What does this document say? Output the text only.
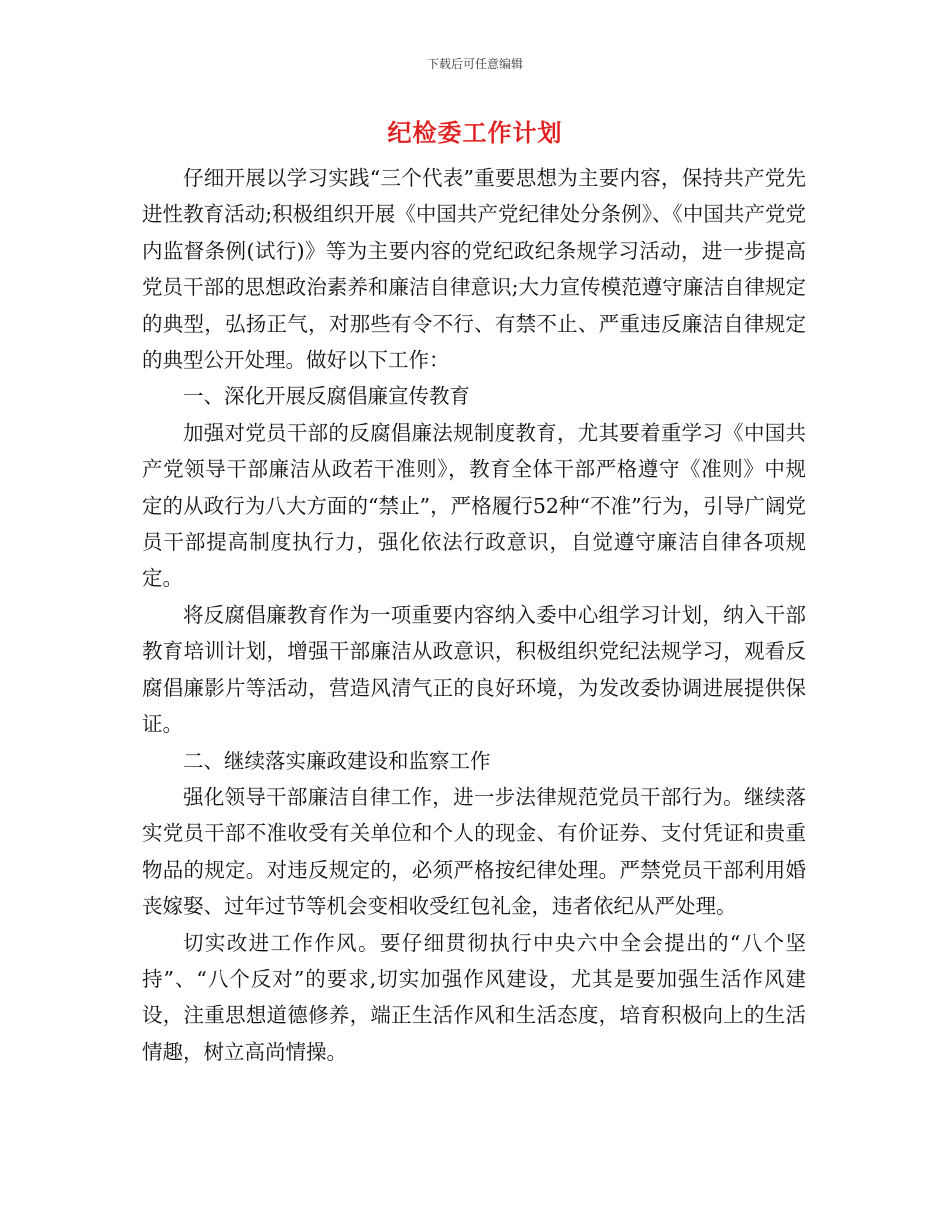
下载后可任意编辑
纪检委工作计划

仔细开展以学习实践“三个代表”重要思想为主要内容，保持共产党先进性教育活动;积极组织开展《中国共产党纪律处分条例》、《中国共产党党内监督条例(试行)》等为主要内容的党纪政纪条规学习活动，进一步提高党员干部的思想政治素养和廉洁自律意识;大力宣传模范遵守廉洁自律规定的典型，弘扬正气，对那些有令不行、有禁不止、严重违反廉洁自律规定的典型公开处理。做好以下工作：

一、深化开展反腐倡廉宣传教育

加强对党员干部的反腐倡廉法规制度教育，尤其要着重学习《中国共产党领导干部廉洁从政若干准则》，教育全体干部严格遵守《准则》中规定的从政行为八大方面的“禁止”，严格履行52种“不准”行为，引导广阔党员干部提高制度执行力，强化依法行政意识，自觉遵守廉洁自律各项规定。

将反腐倡廉教育作为一项重要内容纳入委中心组学习计划，纳入干部教育培训计划，增强干部廉洁从政意识，积极组织党纪法规学习，观看反腐倡廉影片等活动，营造风清气正的良好环境，为发改委协调进展提供保证。

二、继续落实廉政建设和监察工作

强化领导干部廉洁自律工作，进一步法律规范党员干部行为。继续落实党员干部不准收受有关单位和个人的现金、有价证券、支付凭证和贵重物品的规定。对违反规定的，必须严格按纪律处理。严禁党员干部利用婚丧嫁娶、过年过节等机会变相收受红包礼金，违者依纪从严处理。

切实改进工作作风。要仔细贯彻执行中央六中全会提出的“八个坚持”、“八个反对”的要求,切实加强作风建设，尤其是要加强生活作风建设，注重思想道德修养，端正生活作风和生活态度，培育积极向上的生活情趣，树立高尚情操。
